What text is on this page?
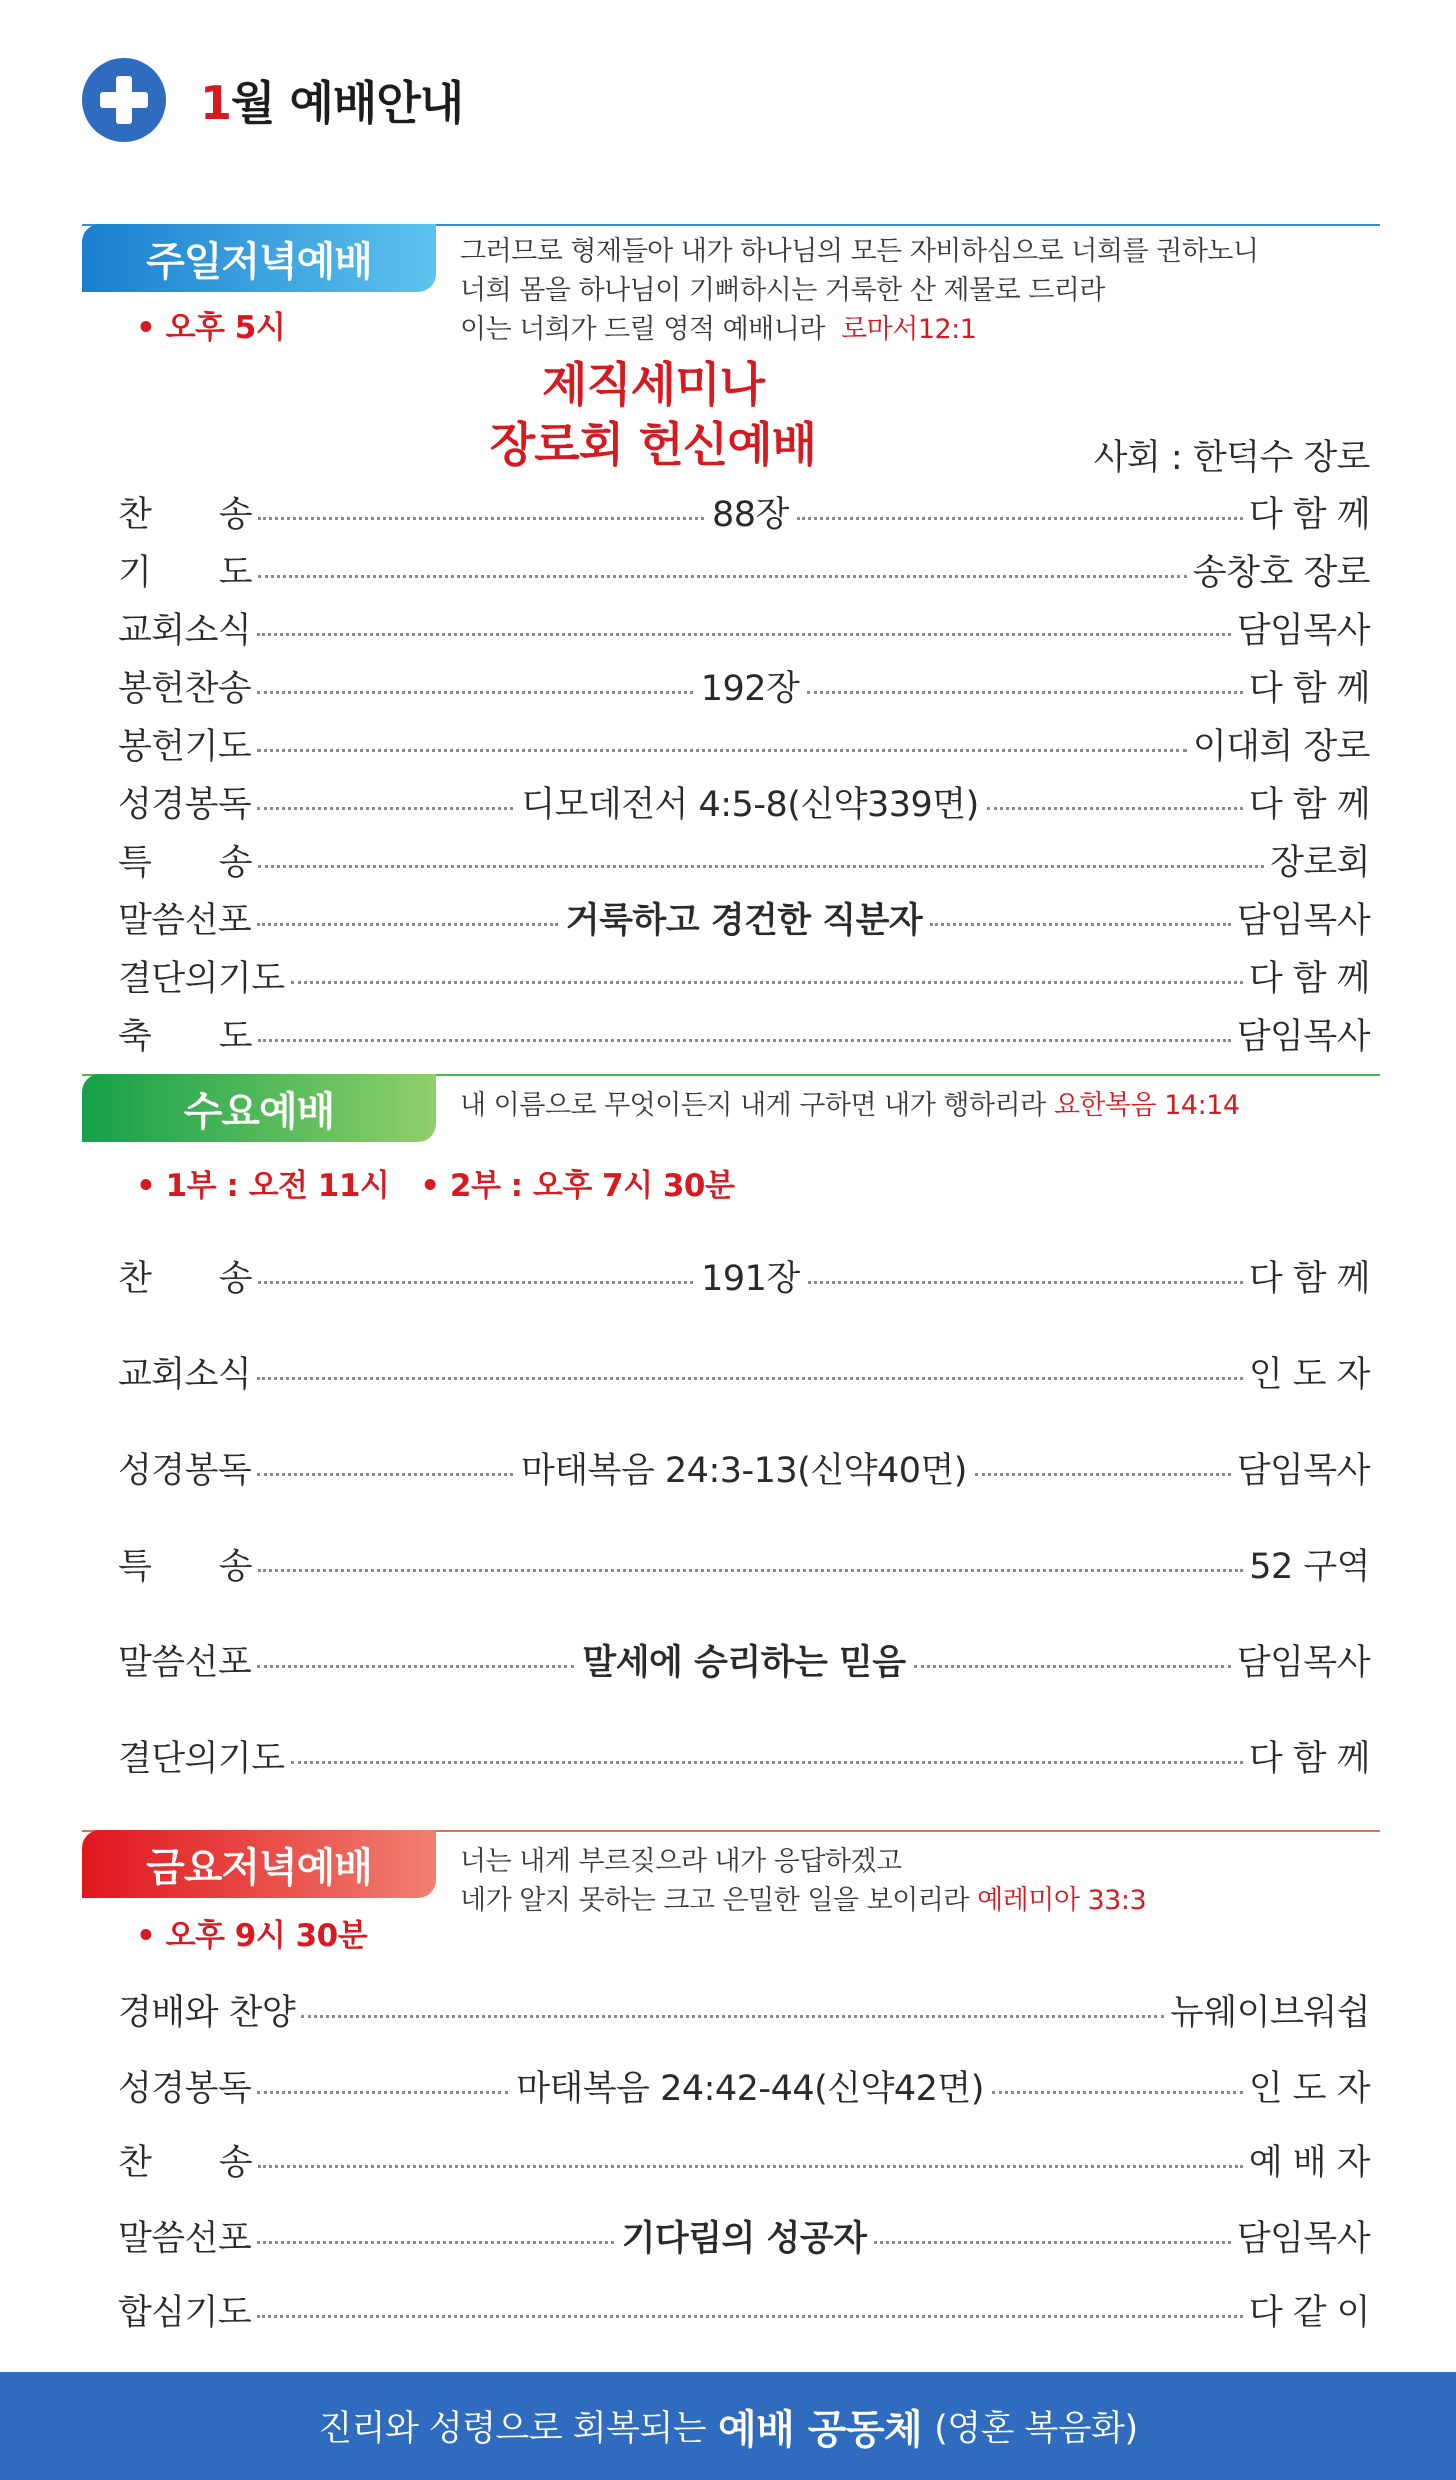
1월 예배안내
주일저녁예배	그러므로 형제들아 내가 하나님의 모든 자비하심으로 너희를 권하노니
너희 몸을 하나님이 기뻐하시는 거룩한 산 제물로 드리라
이는 너희가 드릴 영적 예배니라 로마서12:1
• 오후 5시
제직세미나
장로회 헌신예배	사회 : 한덕수 장로
찬 송	88장	다 함 께
기 도	송창호 장로
교회소식	담임목사
봉헌찬송	192장	다 함 께
봉헌기도	이대희 장로
성경봉독	디모데전서 4:5-8(신약339면)	다 함 께
특 송	장로회
말씀선포	거룩하고 경건한 직분자	담임목사
결단의기도	다 함 께
축 도	담임목사
수요예배	내 이름으로 무엇이든지 내게 구하면 내가 행하리라 요한복음 14:14
• 1부 : 오전 11시 • 2부 : 오후 7시 30분
찬 송	191장	다 함 께
교회소식	인 도 자
성경봉독	마태복음 24:3-13(신약40면)	담임목사
특 송	52 구역
말씀선포	말세에 승리하는 믿음	담임목사
결단의기도	다 함 께
금요저녁예배	너는 내게 부르짖으라 내가 응답하겠고
네가 알지 못하는 크고 은밀한 일을 보이리라 예레미아 33:3
• 오후 9시 30분
경배와 찬양	뉴웨이브워쉽
성경봉독	마태복음 24:42-44(신약42면)	인 도 자
찬 송	예 배 자
말씀선포	기다림의 성공자	담임목사
합심기도	다 같 이
진리와 성령으로 회복되는 예배 공동체 (영혼 복음화)
